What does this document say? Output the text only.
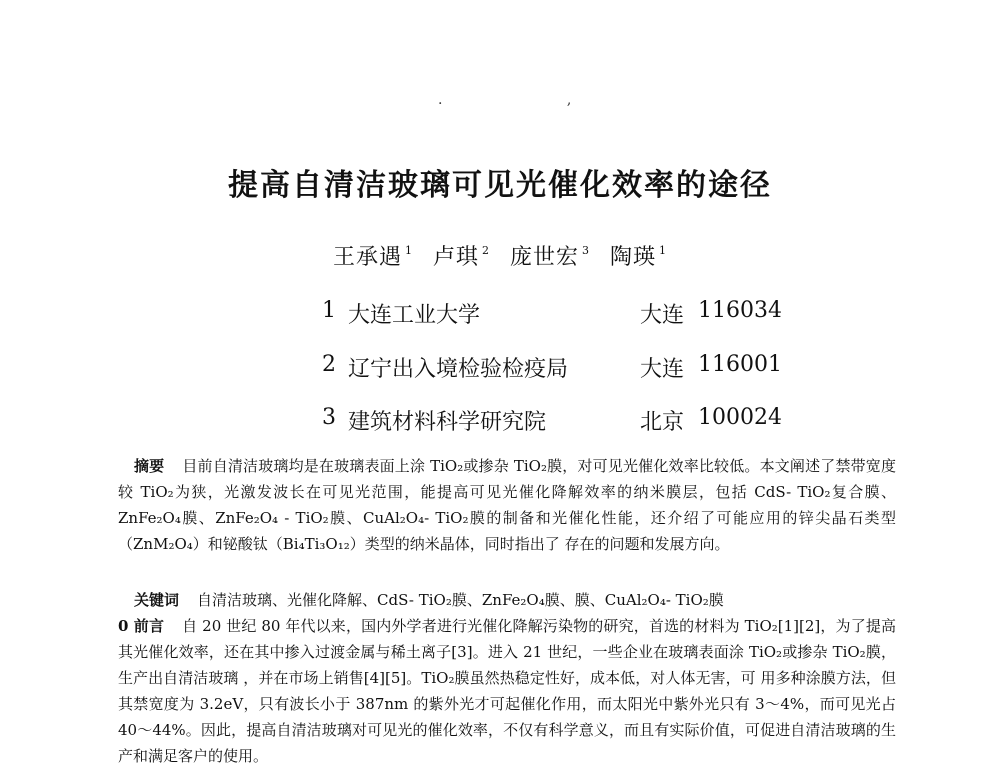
. ,
提高自清洁玻璃可见光催化效率的途径
王承遇 $^1$ 卢琪 $^2$ 庞世宏 $^3$ 陶瑛 $^1$
1 大连工业大学	大连 116034
2 辽宁出入境检验检疫局	大连 116001
3 建筑材料科学研究院	北京 100024

摘要 目前自清洁玻璃均是在玻璃表面上涂 TiO₂或掺杂 TiO₂膜，对可见光催化效率比较低。本文阐述了禁带宽度较 TiO₂为狭，光激发波长在可见光范围，能提高可见光催化降解效率的纳米膜层，包括 CdS- TiO₂复合膜、ZnFe₂O₄膜、ZnFe₂O₄ - TiO₂膜、CuAl₂O₄- TiO₂膜的制备和光催化性能，还介绍了可能应用的锌尖晶石类型（ZnM₂O₄）和铋酸钛（Bi₄Ti₃O₁₂）类型的纳米晶体，同时指出了 存在的问题和发展方向。

关键词 自清洁玻璃、光催化降解、CdS- TiO₂膜、ZnFe₂O₄膜、膜、CuAl₂O₄- TiO₂膜

0 前言 自 20 世纪 80 年代以来，国内外学者进行光催化降解污染物的研究，首选的材料为 TiO₂[1][2]，为了提高其光催化效率，还在其中掺入过渡金属与稀土离子[3]。进入 21 世纪，一些企业在玻璃表面涂 TiO₂或掺杂 TiO₂膜，生产出自清洁玻璃 ，并在市场上销售[4][5]。TiO₂膜虽然热稳定性好，成本低，对人体无害，可 用多种涂膜方法，但其禁宽度为 3.2eV，只有波长小于 387nm 的紫外光才可起催化作用，而太阳光中紫外光只有 3～4%，而可见光占 40～44%。因此，提高自清洁玻璃对可见光的催化效率，不仅有科学意义，而且有实际价值，可促进自清洁玻璃的生产和满足客户的使用。
